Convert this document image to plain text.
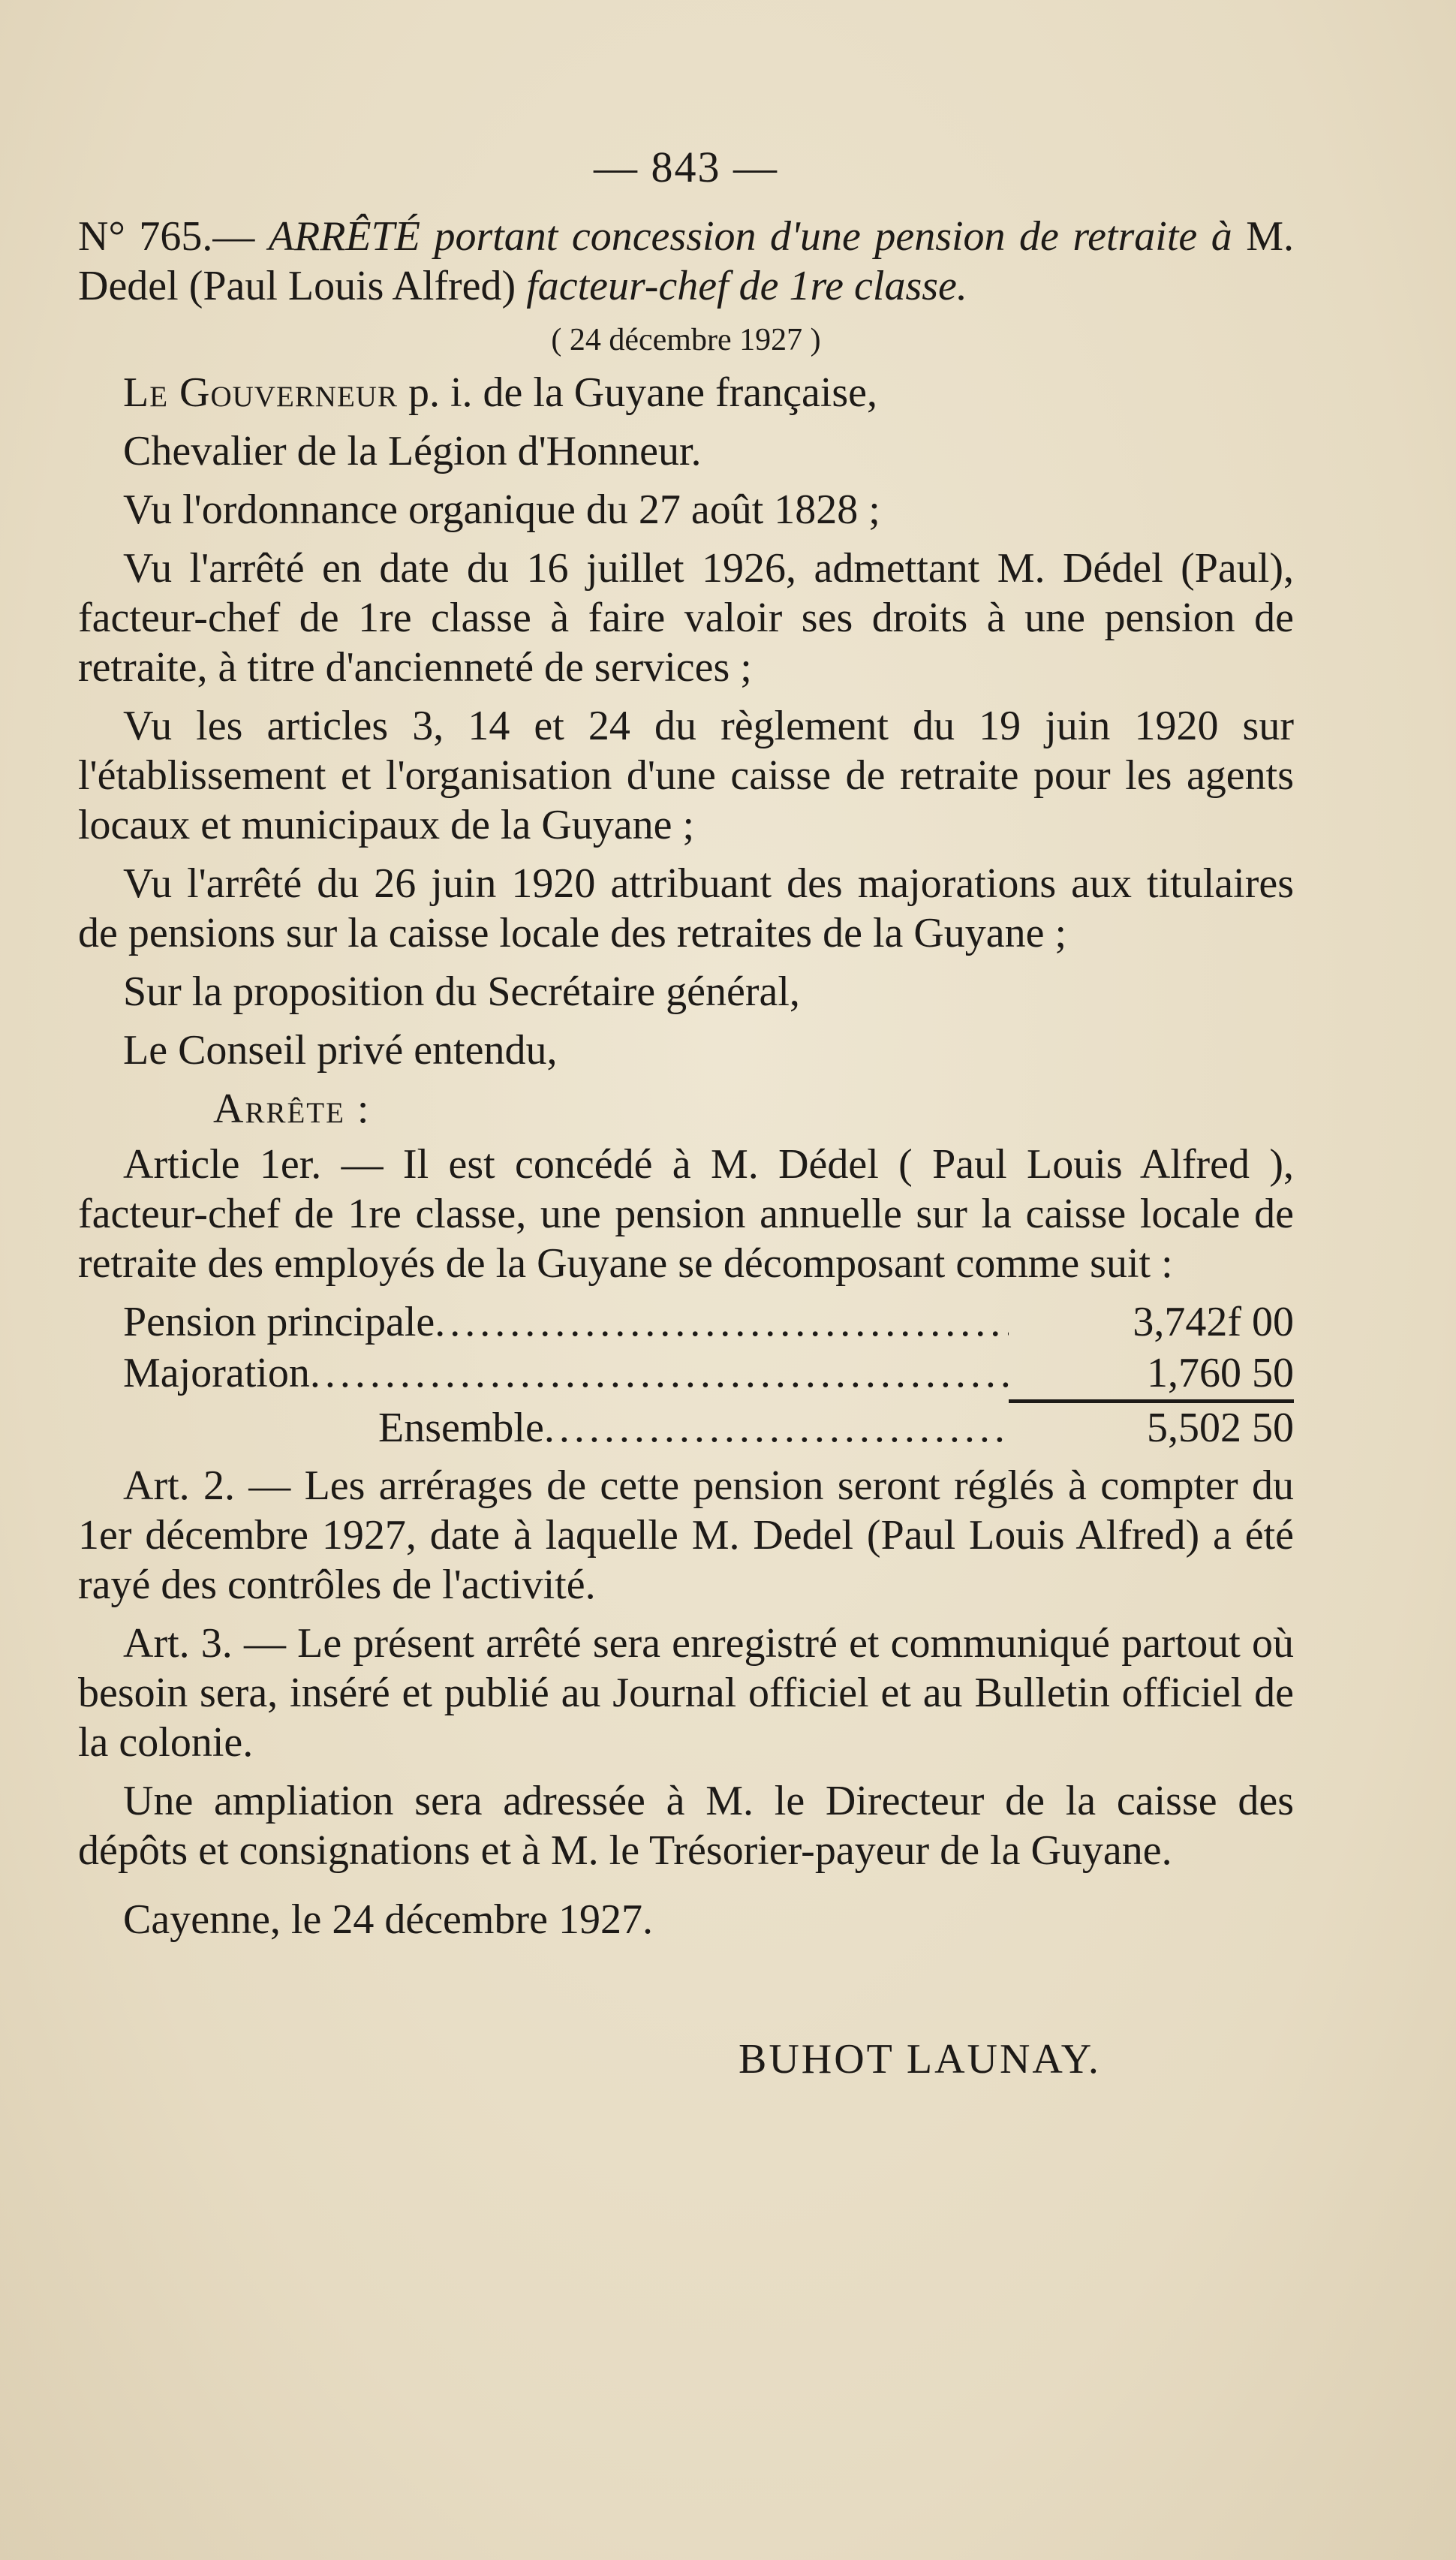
— 843 —

N° 765.— ARRÊTÉ portant concession d'une pension de retraite à M. Dedel (Paul Louis Alfred) facteur-chef de 1re classe.

( 24 décembre 1927 )

Le Gouverneur p. i. de la Guyane française,

Chevalier de la Légion d'Honneur.

Vu l'ordonnance organique du 27 août 1828 ;

Vu l'arrêté en date du 16 juillet 1926, admettant M. Dédel (Paul), facteur-chef de 1re classe à faire valoir ses droits à une pension de retraite, à titre d'ancienneté de services ;

Vu les articles 3, 14 et 24 du règlement du 19 juin 1920 sur l'établissement et l'organisation d'une caisse de retraite pour les agents locaux et municipaux de la Guyane ;

Vu l'arrêté du 26 juin 1920 attribuant des majorations aux titulaires de pensions sur la caisse locale des retraites de la Guyane ;

Sur la proposition du Secrétaire général,

Le Conseil privé entendu,

Arrête :

Article 1er. — Il est concédé à M. Dédel ( Paul Louis Alfred ), facteur-chef de 1re classe, une pension annuelle sur la caisse locale de retraite des employés de la Guyane se décomposant comme suit :

Pension principale .....	3,742f 00
Majoration .....	1,760 50
Ensemble .....	5,502 50

Art. 2. — Les arrérages de cette pension seront réglés à compter du 1er décembre 1927, date à laquelle M. Dedel (Paul Louis Alfred) a été rayé des contrôles de l'activité.

Art. 3. — Le présent arrêté sera enregistré et communiqué partout où besoin sera, inséré et publié au Journal officiel et au Bulletin officiel de la colonie.

Une ampliation sera adressée à M. le Directeur de la caisse des dépôts et consignations et à M. le Trésorier-payeur de la Guyane.

Cayenne, le 24 décembre 1927.

BUHOT LAUNAY.
